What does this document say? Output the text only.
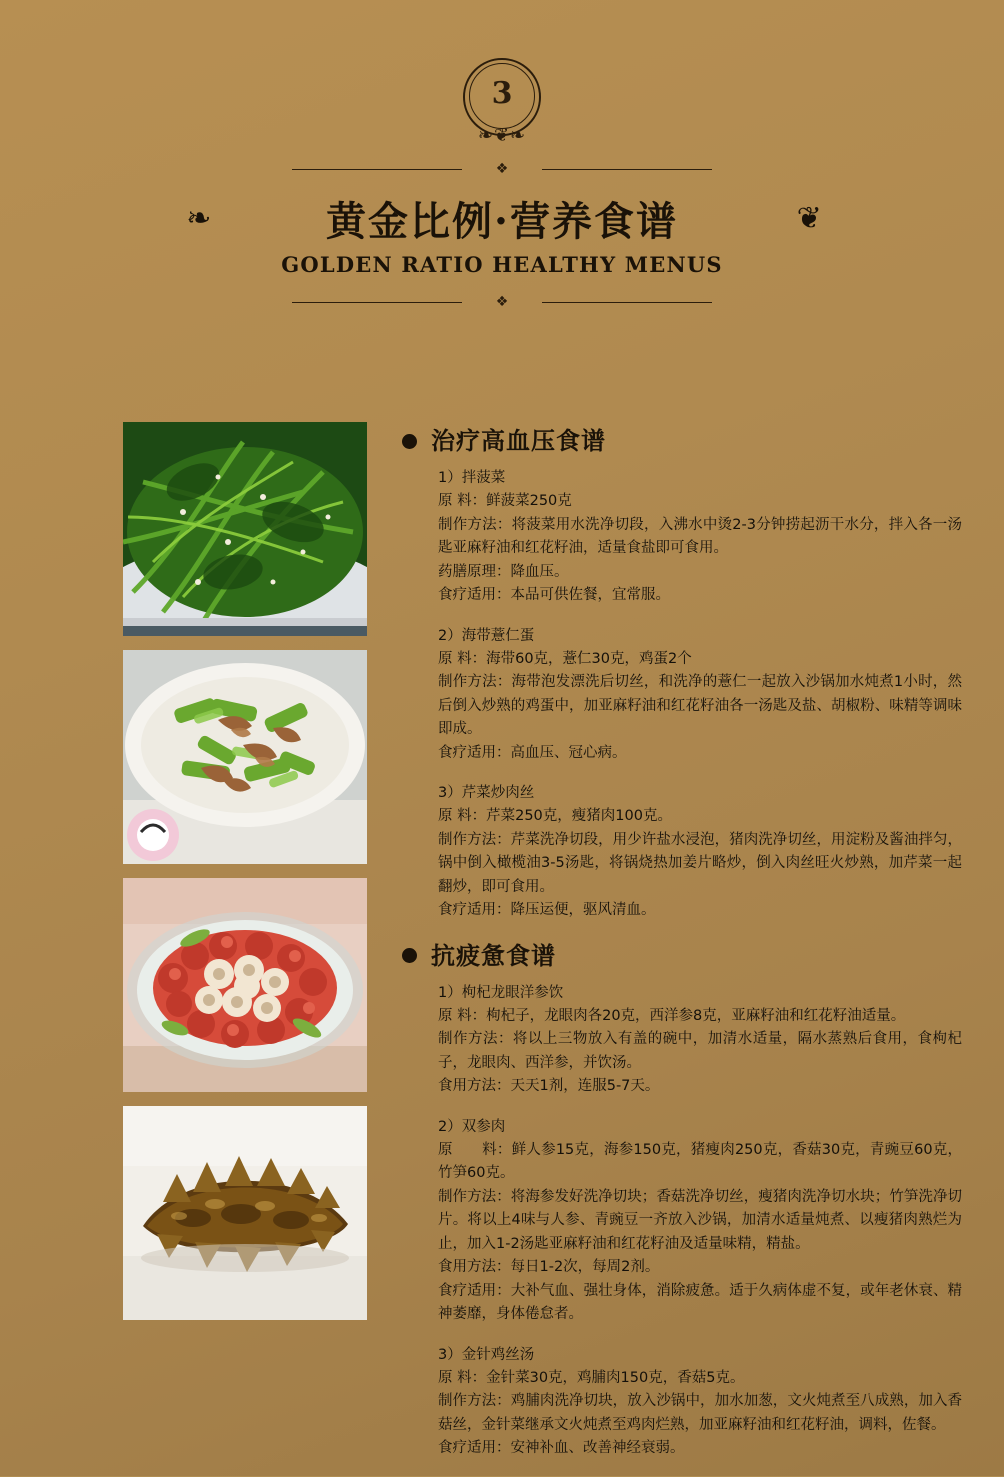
3
❧❦❧
❖
❧	黄金比例·营养食谱	❦
GOLDEN RATIO HEALTHY MENUS
❖
治疗高血压食谱
1）拌菠菜
原 料：鲜菠菜250克
制作方法：将菠菜用水洗净切段，入沸水中烫2-3分钟捞起沥干水分，拌入各一汤匙亚麻籽油和红花籽油，适量食盐即可食用。
药膳原理：降血压。
食疗适用：本品可供佐餐，宜常服。
2）海带薏仁蛋
原 料：海带60克，薏仁30克，鸡蛋2个
制作方法：海带泡发漂洗后切丝，和洗净的薏仁一起放入沙锅加水炖煮1小时，然后倒入炒熟的鸡蛋中，加亚麻籽油和红花籽油各一汤匙及盐、胡椒粉、味精等调味即成。
食疗适用：高血压、冠心病。
3）芹菜炒肉丝
原 料：芹菜250克，瘦猪肉100克。
制作方法：芹菜洗净切段，用少许盐水浸泡，猪肉洗净切丝，用淀粉及酱油拌匀，锅中倒入橄榄油3-5汤匙，将锅烧热加姜片略炒，倒入肉丝旺火炒熟，加芹菜一起翻炒，即可食用。
食疗适用：降压运便，驱风清血。
抗疲惫食谱
1）枸杞龙眼洋参饮
原 料：枸杞子，龙眼肉各20克，西洋参8克，亚麻籽油和红花籽油适量。
制作方法：将以上三物放入有盖的碗中，加清水适量，隔水蒸熟后食用，食枸杞子，龙眼肉、西洋参，并饮汤。
食用方法：天天1剂，连服5-7天。
2）双参肉
原　　料：鲜人参15克，海参150克，猪瘦肉250克，香菇30克，青豌豆60克，竹笋60克。
制作方法：将海参发好洗净切块；香菇洗净切丝，瘦猪肉洗净切水块；竹笋洗净切片。将以上4味与人参、青豌豆一齐放入沙锅，加清水适量炖煮、以瘦猪肉熟烂为止，加入1-2汤匙亚麻籽油和红花籽油及适量味精，精盐。
食用方法：每日1-2次，每周2剂。
食疗适用：大补气血、强壮身体，消除疲惫。适于久病体虚不复，或年老休衰、精神萎靡，身体倦怠者。
3）金针鸡丝汤
原 料：金针菜30克，鸡脯肉150克，香菇5克。
制作方法：鸡脯肉洗净切块，放入沙锅中，加水加葱，文火炖煮至八成熟，加入香菇丝，金针菜继承文火炖煮至鸡肉烂熟，加亚麻籽油和红花籽油，调料，佐餐。
食疗适用：安神补血、改善神经衰弱。
